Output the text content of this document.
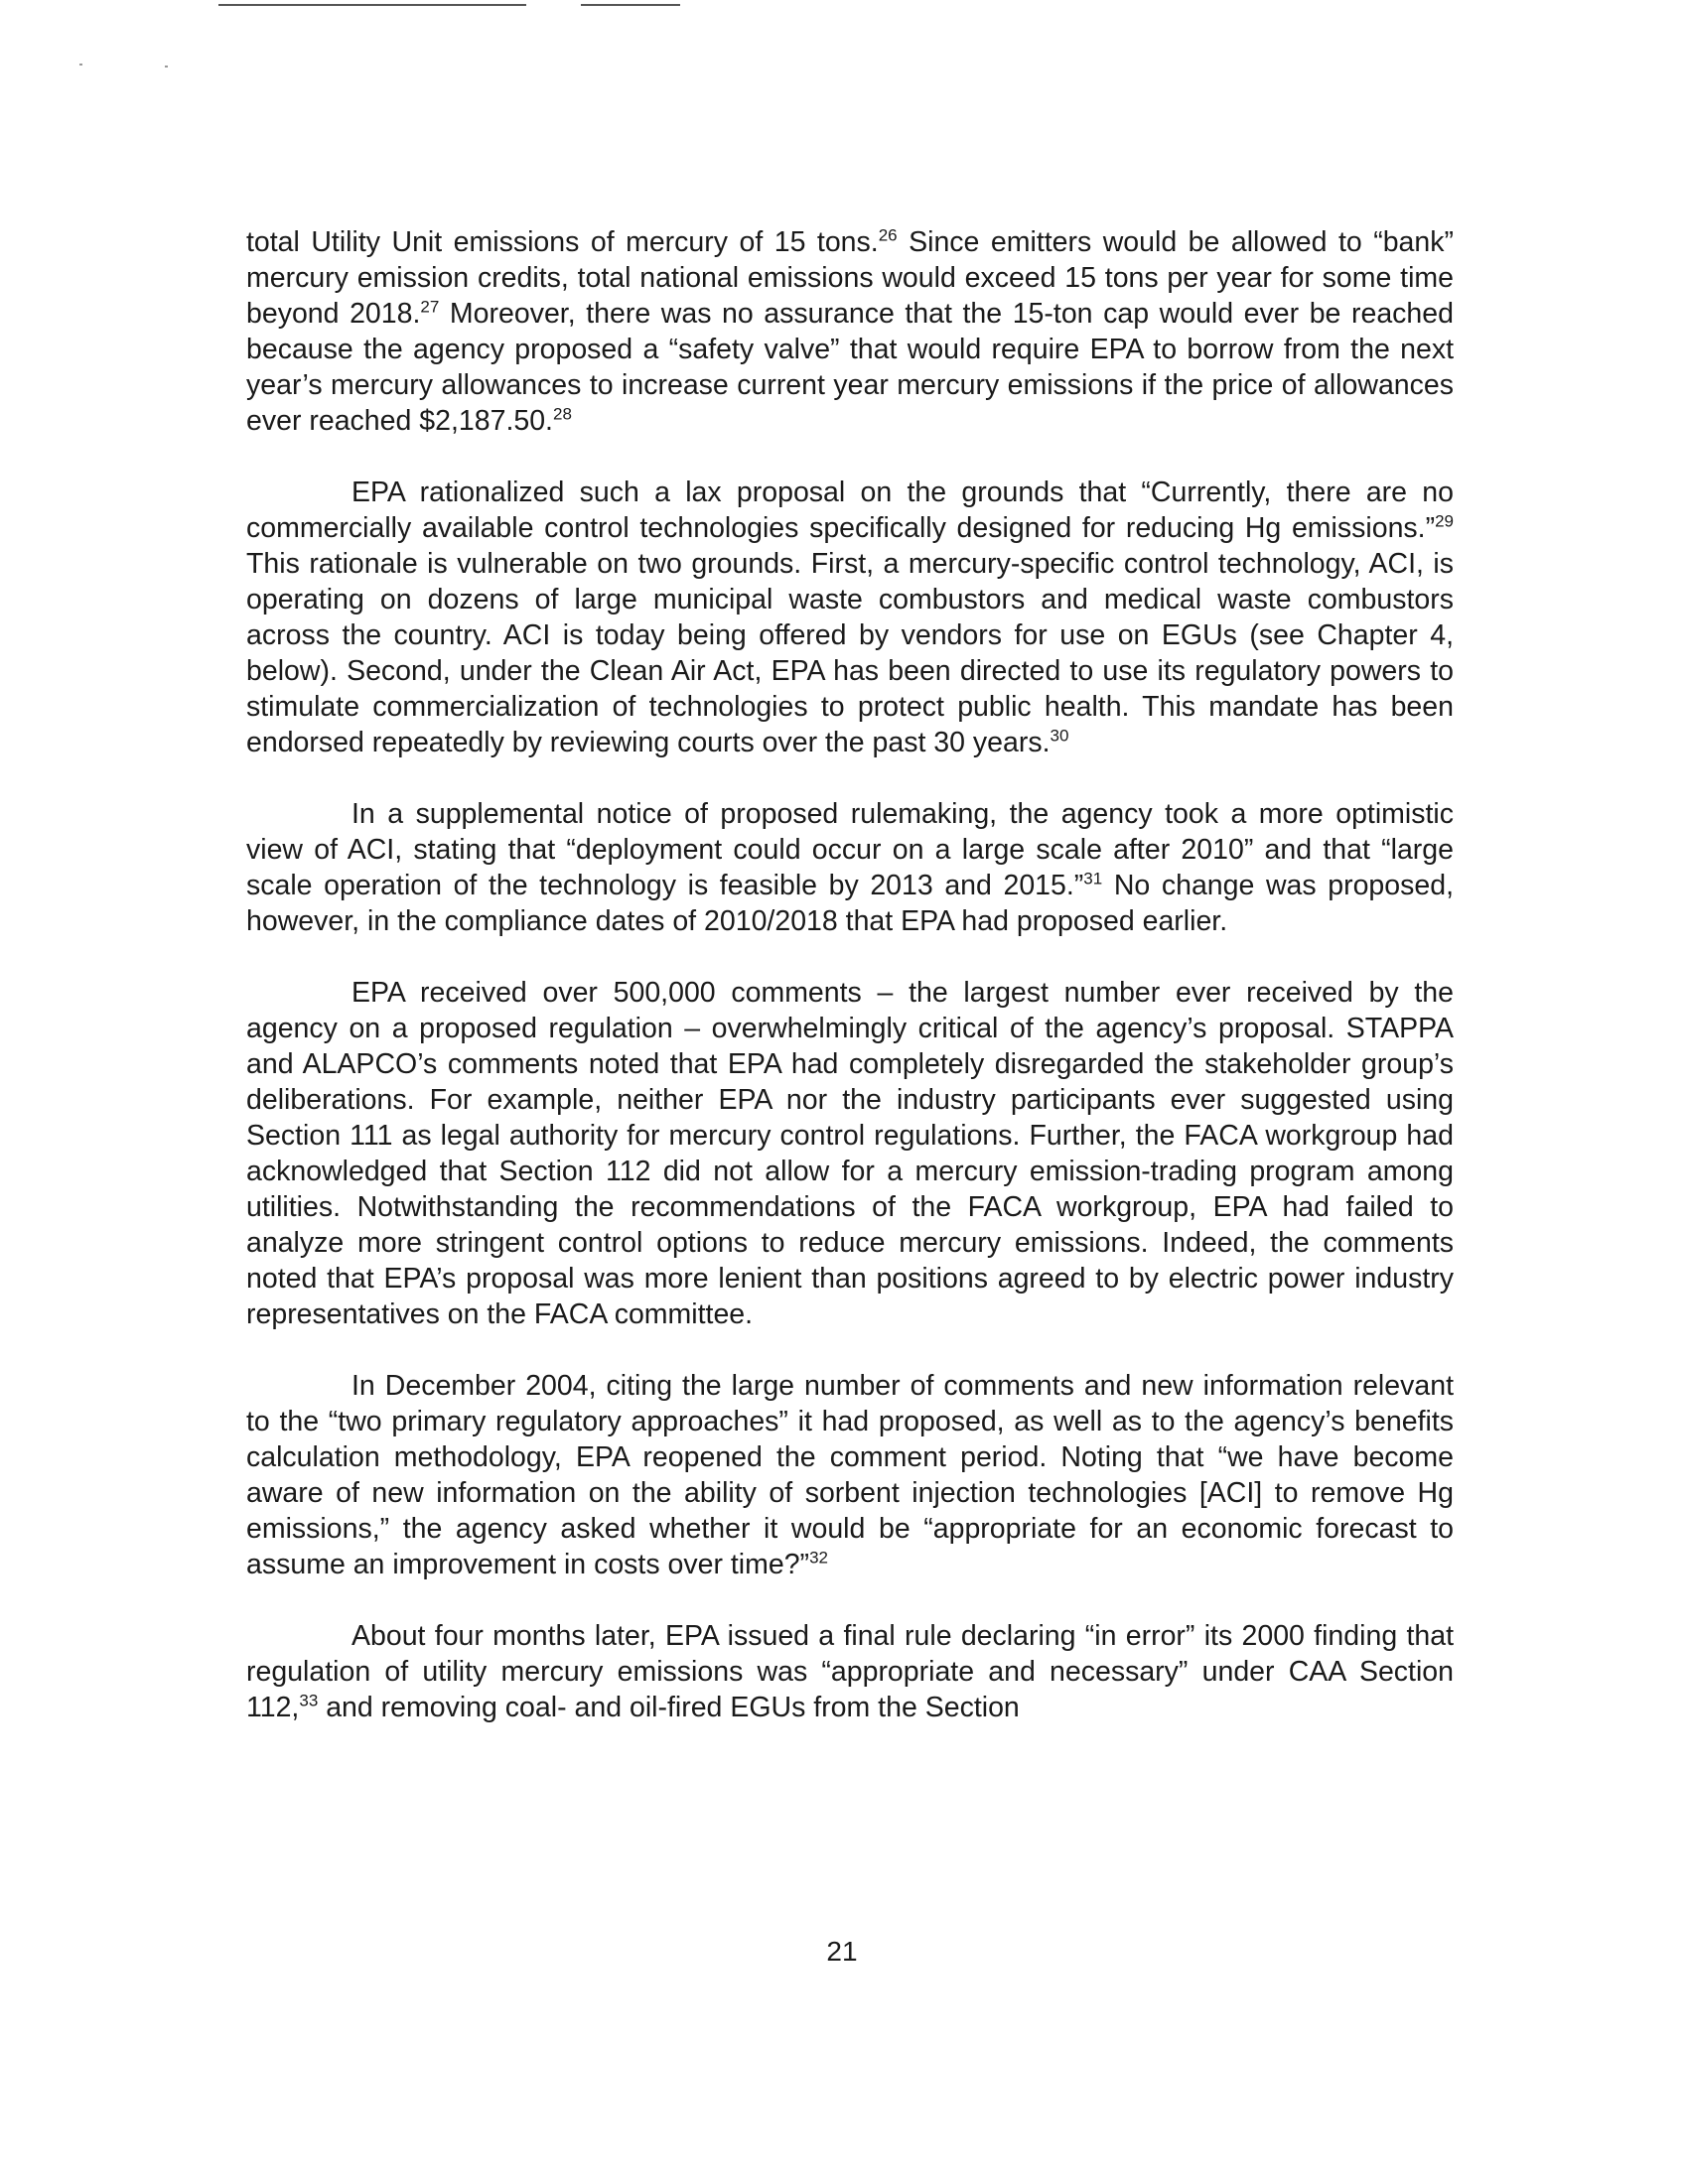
total Utility Unit emissions of mercury of 15 tons.$^{26}$ Since emitters would be allowed to “bank” mercury emission credits, total national emissions would exceed 15 tons per year for some time beyond 2018.27 Moreover, there was no assurance that the 15-ton cap would ever be reached because the agency proposed a “safety valve” that would require EPA to borrow from the next year’s mercury allowances to increase current year mercury emissions if the price of allowances ever reached $2,187.50.28

EPA rationalized such a lax proposal on the grounds that “Currently, there are no commercially available control technologies specifically designed for reducing Hg emissions.”$^{29}$ This rationale is vulnerable on two grounds. First, a mercury-specific control technology, ACI, is operating on dozens of large municipal waste combustors and medical waste combustors across the country. ACI is today being offered by vendors for use on EGUs (see Chapter 4, below). Second, under the Clean Air Act, EPA has been directed to use its regulatory powers to stimulate commercialization of technologies to protect public health. This mandate has been endorsed repeatedly by reviewing courts over the past 30 years.$^{30}$

In a supplemental notice of proposed rulemaking, the agency took a more optimistic view of ACI, stating that “deployment could occur on a large scale after 2010” and that “large scale operation of the technology is feasible by 2013 and 2015.”$^{31}$ No change was proposed, however, in the compliance dates of 2010/2018 that EPA had proposed earlier.

EPA received over 500,000 comments – the largest number ever received by the agency on a proposed regulation – overwhelmingly critical of the agency’s proposal. STAPPA and ALAPCO’s comments noted that EPA had completely disregarded the stakeholder group’s deliberations. For example, neither EPA nor the industry participants ever suggested using Section 111 as legal authority for mercury control regulations. Further, the FACA workgroup had acknowledged that Section 112 did not allow for a mercury emission-trading program among utilities. Notwithstanding the recommendations of the FACA workgroup, EPA had failed to analyze more stringent control options to reduce mercury emissions. Indeed, the comments noted that EPA’s proposal was more lenient than positions agreed to by electric power industry representatives on the FACA committee.

In December 2004, citing the large number of comments and new information relevant to the “two primary regulatory approaches” it had proposed, as well as to the agency’s benefits calculation methodology, EPA reopened the comment period. Noting that “we have become aware of new information on the ability of sorbent injection technologies [ACI] to remove Hg emissions,” the agency asked whether it would be “appropriate for an economic forecast to assume an improvement in costs over time?”$^{32}$

About four months later, EPA issued a final rule declaring “in error” its 2000 finding that regulation of utility mercury emissions was “appropriate and necessary” under CAA Section 112,33 and removing coal- and oil-fired EGUs from the Section

21
